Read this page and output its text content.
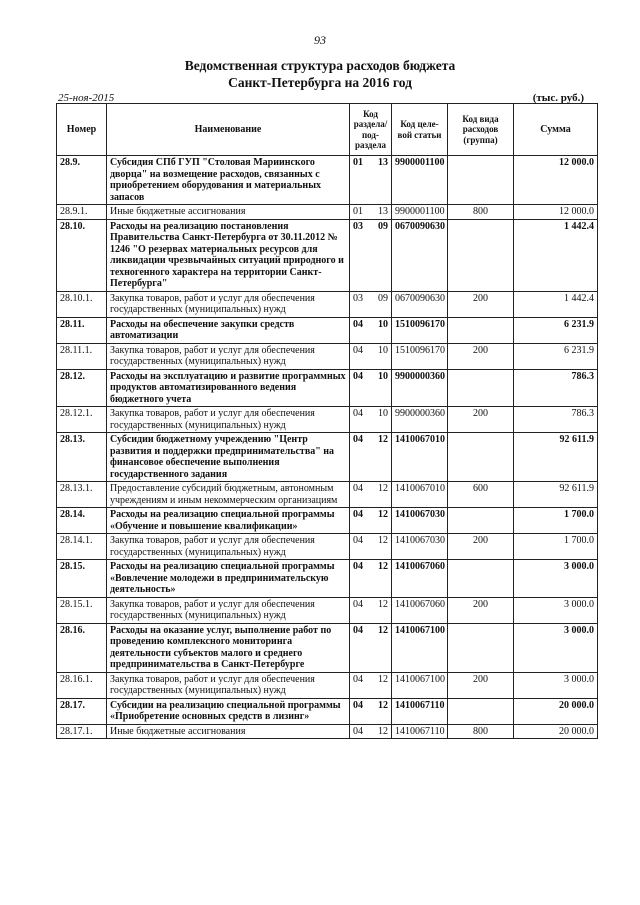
93
Ведомственная структура расходов бюджета
Санкт-Петербурга на 2016 год
25-ноя-2015	(тыс. руб.)
Номер	Наименование	Код раздела/ под- раздела	Код целе- вой статьи	Код вида расходов (группа)	Сумма
28.9.	Субсидия СПб ГУП "Столовая Мариинского дворца" на возмещение расходов, связанных с приобретением оборудования и материальных запасов	01 13	9900001100		12 000.0
28.9.1.	Иные бюджетные ассигнования	01 13	9900001100	800	12 000.0
28.10.	Расходы на реализацию постановления Правительства Санкт-Петербурга от 30.11.2012 № 1246 "О резервах материальных ресурсов для ликвидации чрезвычайных ситуаций природного и техногенного характера на территории Санкт-Петербурга"	03 09	0670090630		1 442.4
28.10.1.	Закупка товаров, работ и услуг для обеспечения государственных (муниципальных) нужд	03 09	0670090630	200	1 442.4
28.11.	Расходы на обеспечение закупки средств автоматизации	04 10	1510096170		6 231.9
28.11.1.	Закупка товаров, работ и услуг для обеспечения государственных (муниципальных) нужд	04 10	1510096170	200	6 231.9
28.12.	Расходы на эксплуатацию и развитие программных продуктов автоматизированного ведения бюджетного учета	04 10	9900000360		786.3
28.12.1.	Закупка товаров, работ и услуг для обеспечения государственных (муниципальных) нужд	04 10	9900000360	200	786.3
28.13.	Субсидии бюджетному учреждению "Центр развития и поддержки предпринимательства" на финансовое обеспечение выполнения государственного задания	04 12	1410067010		92 611.9
28.13.1.	Предоставление субсидий бюджетным, автономным учреждениям и иным некоммерческим организациям	04 12	1410067010	600	92 611.9
28.14.	Расходы на реализацию специальной программы «Обучение и повышение квалификации»	04 12	1410067030		1 700.0
28.14.1.	Закупка товаров, работ и услуг для обеспечения государственных (муниципальных) нужд	04 12	1410067030	200	1 700.0
28.15.	Расходы на реализацию специальной программы «Вовлечение молодежи в предпринимательскую деятельность»	04 12	1410067060		3 000.0
28.15.1.	Закупка товаров, работ и услуг для обеспечения государственных (муниципальных) нужд	04 12	1410067060	200	3 000.0
28.16.	Расходы на оказание услуг, выполнение работ по проведению комплексного мониторинга деятельности субъектов малого и среднего предпринимательства в Санкт-Петербурге	04 12	1410067100		3 000.0
28.16.1.	Закупка товаров, работ и услуг для обеспечения государственных (муниципальных) нужд	04 12	1410067100	200	3 000.0
28.17.	Субсидии на реализацию специальной программы «Приобретение основных средств в лизинг»	04 12	1410067110		20 000.0
28.17.1.	Иные бюджетные ассигнования	04 12	1410067110	800	20 000.0
